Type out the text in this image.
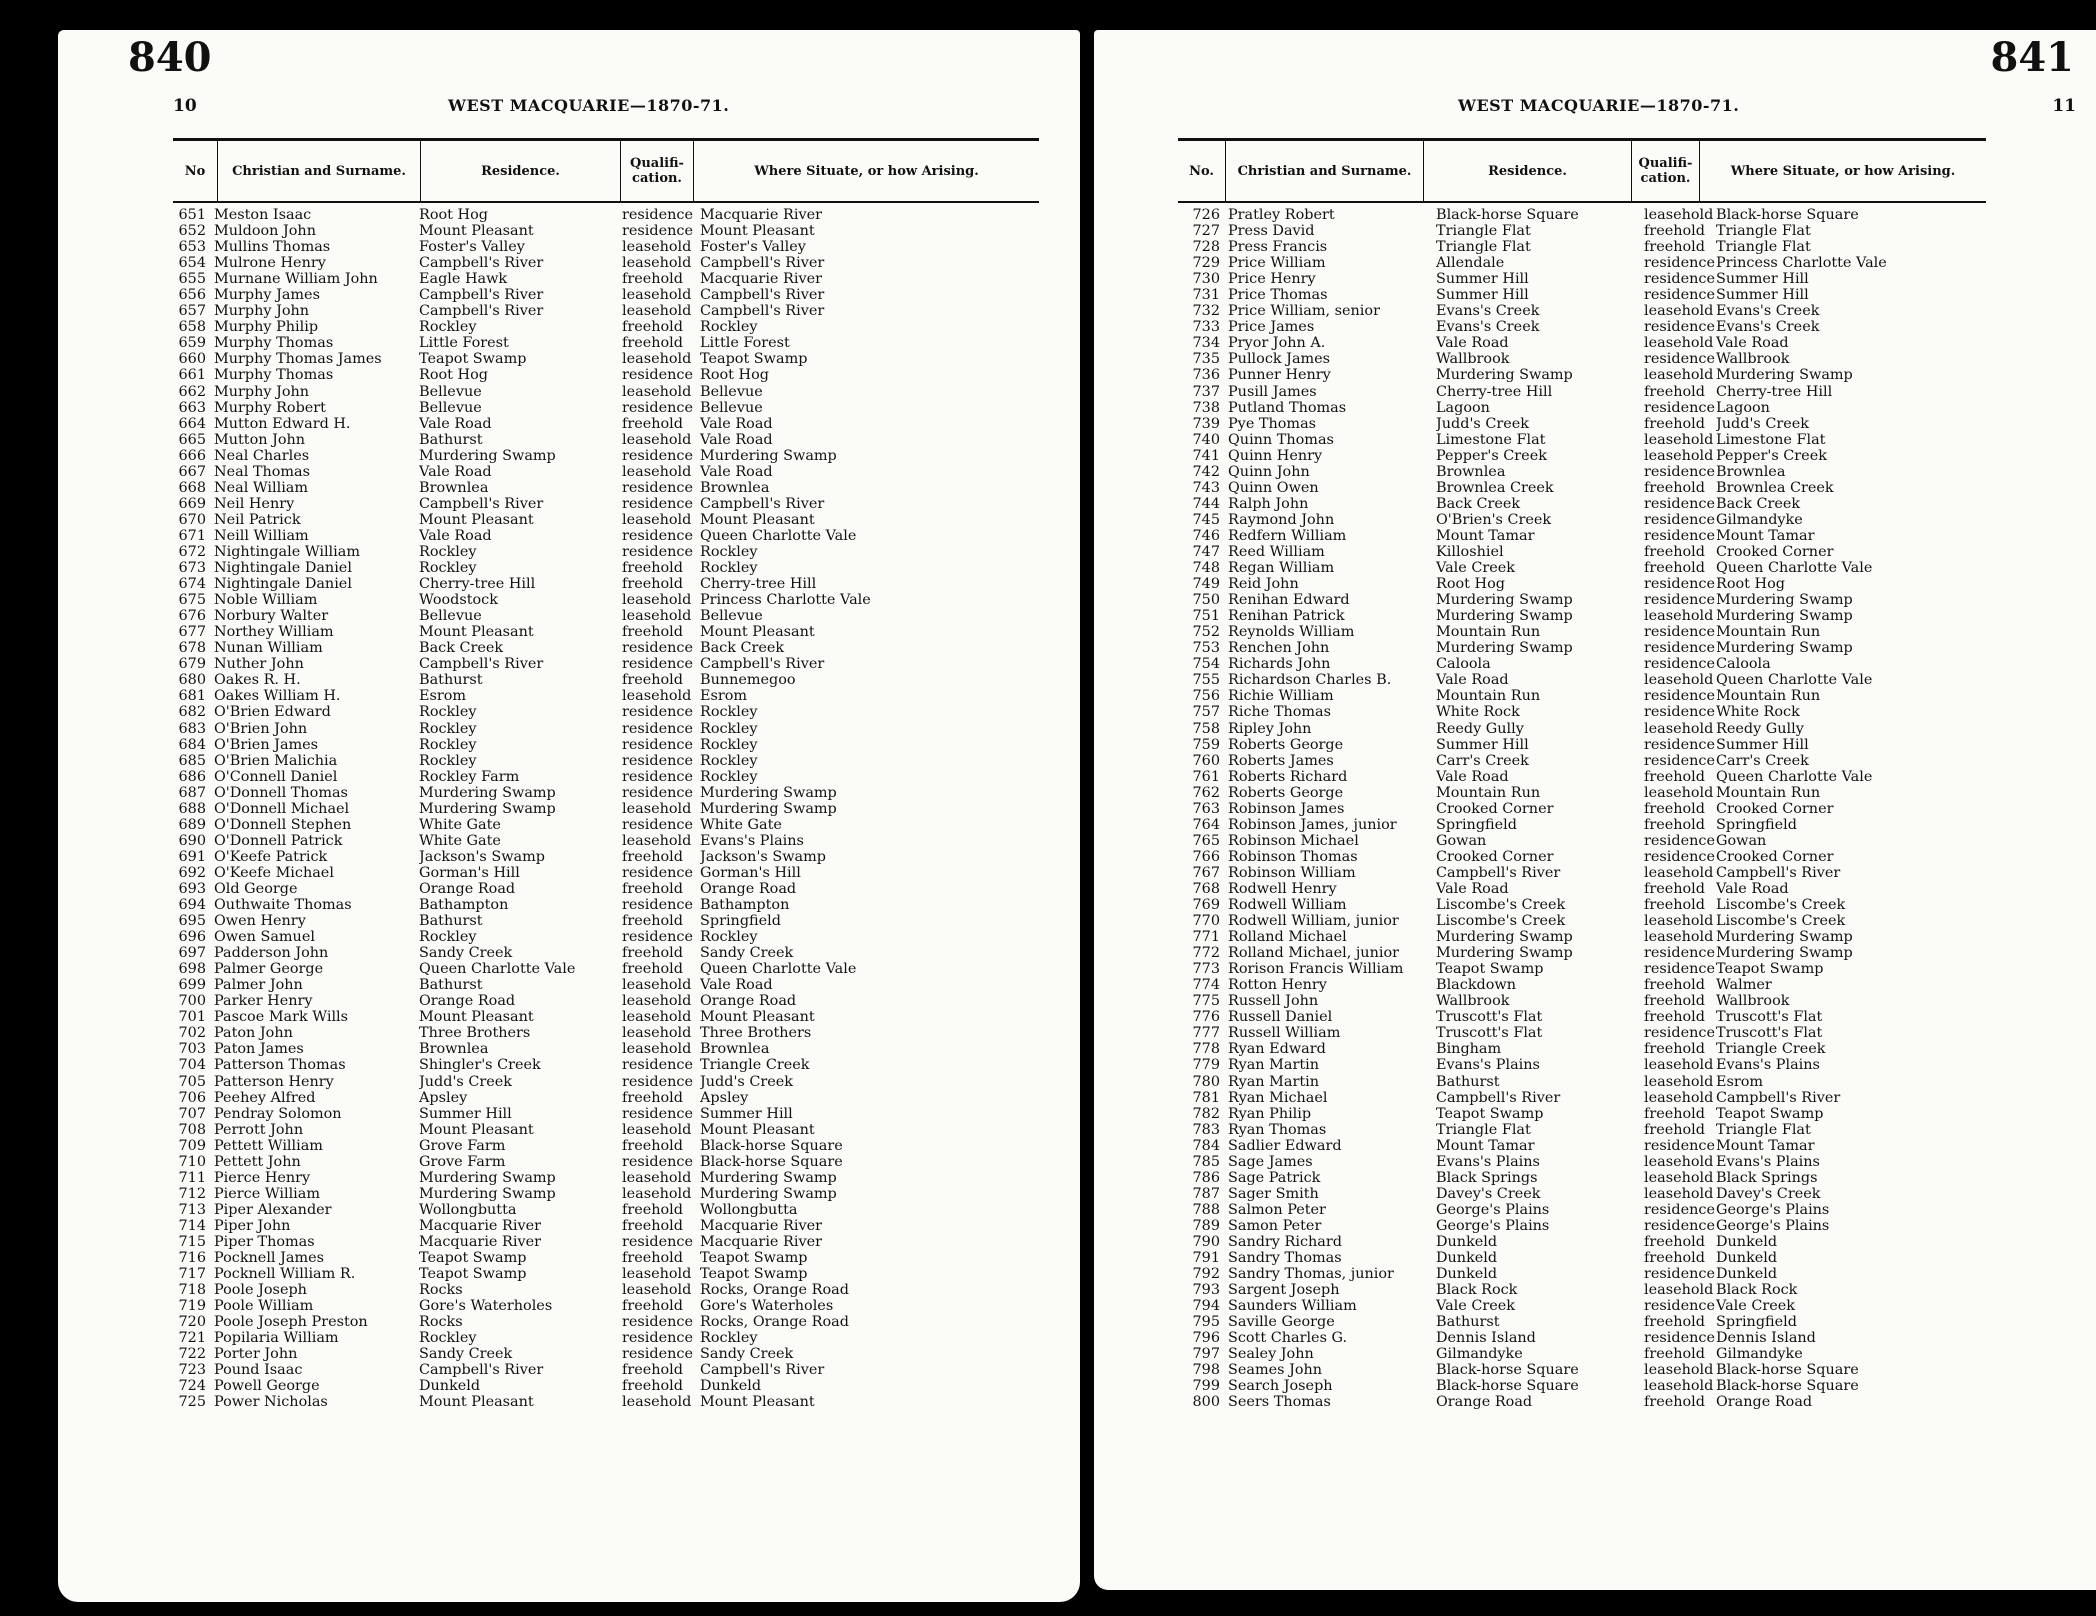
840
10	WEST MACQUARIE—1870-71.
No	Christian and Surname.	Residence.	Qualifi-cation.	Where Situate, or how Arising.
651 Meston Isaac	Root Hog	residence Macquarie River
652 Muldoon John	Mount Pleasant	residence Mount Pleasant
653 Mullins Thomas	Foster's Valley	leasehold Foster's Valley
654 Mulrone Henry	Campbell's River	leasehold Campbell's River
655 Murnane William John	Eagle Hawk	freehold	Macquarie River
656 Murphy James	Campbell's River	leasehold Campbell's River
657 Murphy John	Campbell's River	leasehold Campbell's River
658 Murphy Philip	Rockley	freehold	Rockley
659 Murphy Thomas	Little Forest	freehold	Little Forest
660 Murphy Thomas James	Teapot Swamp	leasehold Teapot Swamp
661 Murphy Thomas	Root Hog	residence Root Hog
662 Murphy John	Bellevue	leasehold Bellevue
663 Murphy Robert	Bellevue	residence Bellevue
664 Mutton Edward H.	Vale Road	freehold	Vale Road
665 Mutton John	Bathurst	leasehold Vale Road
666 Neal Charles	Murdering Swamp	residence Murdering Swamp
667 Neal Thomas	Vale Road	leasehold Vale Road
668 Neal William	Brownlea	residence Brownlea
669 Neil Henry	Campbell's River	residence Campbell's River
670 Neil Patrick	Mount Pleasant	leasehold Mount Pleasant
671 Neill William	Vale Road	residence Queen Charlotte Vale
672 Nightingale William	Rockley	residence Rockley
673 Nightingale Daniel	Rockley	freehold	Rockley
674 Nightingale Daniel	Cherry-tree Hill	freehold	Cherry-tree Hill
675 Noble William	Woodstock	leasehold Princess Charlotte Vale
676 Norbury Walter	Bellevue	leasehold Bellevue
677 Northey William	Mount Pleasant	freehold	Mount Pleasant
678 Nunan William	Back Creek	residence Back Creek
679 Nuther John	Campbell's River	residence Campbell's River
680 Oakes R. H.	Bathurst	freehold	Bunnemegoo
681 Oakes William H.	Esrom	leasehold Esrom
682 O'Brien Edward	Rockley	residence Rockley
683 O'Brien John	Rockley	residence Rockley
684 O'Brien James	Rockley	residence Rockley
685 O'Brien Malichia	Rockley	residence Rockley
686 O'Connell Daniel	Rockley Farm	residence Rockley
687 O'Donnell Thomas	Murdering Swamp	residence Murdering Swamp
688 O'Donnell Michael	Murdering Swamp	leasehold Murdering Swamp
689 O'Donnell Stephen	White Gate	residence White Gate
690 O'Donnell Patrick	White Gate	leasehold Evans's Plains
691 O'Keefe Patrick	Jackson's Swamp	freehold	Jackson's Swamp
692 O'Keefe Michael	Gorman's Hill	residence Gorman's Hill
693 Old George	Orange Road	freehold	Orange Road
694 Outhwaite Thomas	Bathampton	residence Bathampton
695 Owen Henry	Bathurst	freehold	Springfield
696 Owen Samuel	Rockley	residence Rockley
697 Padderson John	Sandy Creek	freehold	Sandy Creek
698 Palmer George	Queen Charlotte Vale	freehold	Queen Charlotte Vale
699 Palmer John	Bathurst	leasehold Vale Road
700 Parker Henry	Orange Road	leasehold Orange Road
701 Pascoe Mark Wills	Mount Pleasant	leasehold Mount Pleasant
702 Paton John	Three Brothers	leasehold Three Brothers
703 Paton James	Brownlea	leasehold Brownlea
704 Patterson Thomas	Shingler's Creek	residence Triangle Creek
705 Patterson Henry	Judd's Creek	residence Judd's Creek
706 Peehey Alfred	Apsley	freehold	Apsley
707 Pendray Solomon	Summer Hill	residence Summer Hill
708 Perrott John	Mount Pleasant	leasehold Mount Pleasant
709 Pettett William	Grove Farm	freehold	Black-horse Square
710 Pettett John	Grove Farm	residence Black-horse Square
711 Pierce Henry	Murdering Swamp	leasehold Murdering Swamp
712 Pierce William	Murdering Swamp	leasehold Murdering Swamp
713 Piper Alexander	Wollongbutta	freehold	Wollongbutta
714 Piper John	Macquarie River	freehold	Macquarie River
715 Piper Thomas	Macquarie River	residence Macquarie River
716 Pocknell James	Teapot Swamp	freehold	Teapot Swamp
717 Pocknell William R.	Teapot Swamp	leasehold Teapot Swamp
718 Poole Joseph	Rocks	leasehold Rocks, Orange Road
719 Poole William	Gore's Waterholes	freehold	Gore's Waterholes
720 Poole Joseph Preston	Rocks	residence Rocks, Orange Road
721 Popilaria William	Rockley	residence Rockley
722 Porter John	Sandy Creek	residence Sandy Creek
723 Pound Isaac	Campbell's River	freehold	Campbell's River
724 Powell George	Dunkeld	freehold	Dunkeld
725 Power Nicholas	Mount Pleasant	leasehold Mount Pleasant
841
11
WEST MACQUARIE—1870-71.
No.	Christian and Surname.	Residence.	Qualifi-cation.	Where Situate, or how Arising.
726 Pratley Robert	Black-horse Square	leasehold Black-horse Square
727 Press David	Triangle Flat	freehold Triangle Flat
728 Press Francis	Triangle Flat	freehold Triangle Flat
729 Price William	Allendale	residence Princess Charlotte Vale
730 Price Henry	Summer Hill	residence Summer Hill
731 Price Thomas	Summer Hill	residence Summer Hill
732 Price William, senior	Evans's Creek	leasehold Evans's Creek
733 Price James	Evans's Creek	residence Evans's Creek
734 Pryor John A.	Vale Road	leasehold Vale Road
735 Pullock James	Wallbrook	residence Wallbrook
736 Punner Henry	Murdering Swamp	leasehold Murdering Swamp
737 Pusill James	Cherry-tree Hill	freehold Cherry-tree Hill
738 Putland Thomas	Lagoon	residence Lagoon
739 Pye Thomas	Judd's Creek	freehold Judd's Creek
740 Quinn Thomas	Limestone Flat	leasehold Limestone Flat
741 Quinn Henry	Pepper's Creek	leasehold Pepper's Creek
742 Quinn John	Brownlea	residence Brownlea
743 Quinn Owen	Brownlea Creek	freehold Brownlea Creek
744 Ralph John	Back Creek	residence Back Creek
745 Raymond John	O'Brien's Creek	residence Gilmandyke
746 Redfern William	Mount Tamar	residence Mount Tamar
747 Reed William	Killoshiel	freehold Crooked Corner
748 Regan William	Vale Creek	freehold Queen Charlotte Vale
749 Reid John	Root Hog	residence Root Hog
750 Renihan Edward	Murdering Swamp	residence Murdering Swamp
751 Renihan Patrick	Murdering Swamp	leasehold Murdering Swamp
752 Reynolds William	Mountain Run	residence Mountain Run
753 Renchen John	Murdering Swamp	residence Murdering Swamp
754 Richards John	Caloola	residence Caloola
755 Richardson Charles B.	Vale Road	leasehold Queen Charlotte Vale
756 Richie William	Mountain Run	residence Mountain Run
757 Riche Thomas	White Rock	residence White Rock
758 Ripley John	Reedy Gully	leasehold Reedy Gully
759 Roberts George	Summer Hill	residence Summer Hill
760 Roberts James	Carr's Creek	residence Carr's Creek
761 Roberts Richard	Vale Road	freehold Queen Charlotte Vale
762 Roberts George	Mountain Run	leasehold Mountain Run
763 Robinson James	Crooked Corner	freehold Crooked Corner
764 Robinson James, junior	Springfield	freehold Springfield
765 Robinson Michael	Gowan	residence Gowan
766 Robinson Thomas	Crooked Corner	residence Crooked Corner
767 Robinson William	Campbell's River	leasehold Campbell's River
768 Rodwell Henry	Vale Road	freehold Vale Road
769 Rodwell William	Liscombe's Creek	freehold Liscombe's Creek
770 Rodwell William, junior	Liscombe's Creek	leasehold Liscombe's Creek
771 Rolland Michael	Murdering Swamp	leasehold Murdering Swamp
772 Rolland Michael, junior	Murdering Swamp	residence Murdering Swamp
773 Rorison Francis William	Teapot Swamp	residence Teapot Swamp
774 Rotton Henry	Blackdown	freehold Walmer
775 Russell John	Wallbrook	freehold Wallbrook
776 Russell Daniel	Truscott's Flat	freehold Truscott's Flat
777 Russell William	Truscott's Flat	residence Truscott's Flat
778 Ryan Edward	Bingham	freehold Triangle Creek
779 Ryan Martin	Evans's Plains	leasehold Evans's Plains
780 Ryan Martin	Bathurst	leasehold Esrom
781 Ryan Michael	Campbell's River	leasehold Campbell's River
782 Ryan Philip	Teapot Swamp	freehold Teapot Swamp
783 Ryan Thomas	Triangle Flat	freehold Triangle Flat
784 Sadlier Edward	Mount Tamar	residence Mount Tamar
785 Sage James	Evans's Plains	leasehold Evans's Plains
786 Sage Patrick	Black Springs	leasehold Black Springs
787 Sager Smith	Davey's Creek	leasehold Davey's Creek
788 Salmon Peter	George's Plains	residence George's Plains
789 Samon Peter	George's Plains	residence George's Plains
790 Sandry Richard	Dunkeld	freehold Dunkeld
791 Sandry Thomas	Dunkeld	freehold Dunkeld
792 Sandry Thomas, junior	Dunkeld	residence Dunkeld
793 Sargent Joseph	Black Rock	leasehold Black Rock
794 Saunders William	Vale Creek	residence Vale Creek
795 Saville George	Bathurst	freehold Springfield
796 Scott Charles G.	Dennis Island	residence Dennis Island
797 Sealey John	Gilmandyke	freehold Gilmandyke
798 Seames John	Black-horse Square	leasehold Black-horse Square
799 Search Joseph	Black-horse Square	leasehold Black-horse Square
800 Seers Thomas	Orange Road	freehold Orange Road
